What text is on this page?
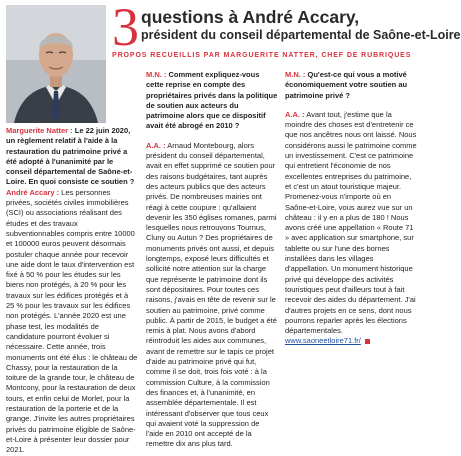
3 questions à André Accary,
président du conseil départemental de Saône-et-Loire
PROPOS RECUEILLIS PAR MARGUERITE NATTER, CHEF DE RUBRIQUES

Marguerite Natter : Le 22 juin 2020, un règlement relatif à l'aide à la restauration du patrimoine privé a été adopté à l'unanimité par le conseil départemental de Saône-et-Loire. En quoi consiste ce soutien ?

André Accary : Les personnes privées, sociétés civiles immobilières (SCI) ou associations réalisant des études et des travaux subventionnables compris entre 10000 et 100000 euros peuvent désormais postuler chaque année pour recevoir une aide dont le taux d'intervention est fixé à 50 % pour les études sur les biens non protégés, à 20 % pour les travaux sur les édifices protégés et à 25 % pour les travaux sur les édifices non protégés. L'année 2020 est une phase test, les modalités de candidature pourront évoluer si nécessaire. Cette année, trois monuments ont été élus : le château de Chassy, pour la restauration de la toiture de la grande tour, le château de Montcony, pour la restauration de deux tours, et enfin celui de Morlet, pour la restauration de la porterie et de la grange. J'invite les autres propriétaires privés du patrimoine éligible de Saône-et-Loire à présenter leur dossier pour 2021.

M.N. : Comment expliquez-vous cette reprise en compte des propriétaires privés dans la politique de soutien aux acteurs du patrimoine alors que ce dispositif avait été abrogé en 2010 ?

A.A. : Arnaud Montebourg, alors président du conseil départemental, avait en effet supprimé ce soutien pour des raisons budgétaires, tant auprès des acteurs publics que des acteurs privés. De nombreuses mairies ont réagi à cette coupure : qu'allaient devenir les 350 églises romanes, parmi lesquelles nous retrouvons Tournus, Cluny ou Autun ? Des propriétaires de monuments privés ont aussi, et depuis longtemps, exposé leurs difficultés et sollicité notre attention sur la charge que représente le patrimoine dont ils sont dépositaires. Pour toutes ces raisons, j'avais en tête de revenir sur le soutien au patrimoine, privé comme public. À partir de 2015, le budget a été remis à plat. Nous avons d'abord réintroduit les aides aux communes, avant de remettre sur le tapis ce projet d'aide au patrimoine privé qui fut, comme il se doit, trois fois voté : à la commission Culture, à la commission des finances et, à l'unanimité, en assemblée départementale. Il est intéressant d'observer que tous ceux qui avaient voté la suppression de l'aide en 2010 ont accepté de la remettre dix ans plus tard.

M.N. : Qu'est-ce qui vous a motivé économiquement votre soutien au patrimoine privé ?

A.A. : Avant tout, j'estime que la moindre des choses est d'entretenir ce que nos ancêtres nous ont laissé. Nous considérons aussi le patrimoine comme un investissement. C'est ce patrimoine qui entretient l'économie de nos excellentes entreprises du patrimoine, et c'est un atout touristique majeur. Promenez-vous n'importe où en Saône-et-Loire, vous aurez vue sur un château : il y en a plus de 180 ! Nous avons créé une appellation « Route 71 » avec application sur smartphone, sur tablette ou sur l'une des bornes installées dans les villages d'appellation. Un monument historique privé qui développe des activités touristiques peut d'ailleurs tout à fait recevoir des aides du département. J'ai d'autres projets en ce sens, dont nous pourrons reparler après les élections départementales. www.saoneetloire71.fr/
